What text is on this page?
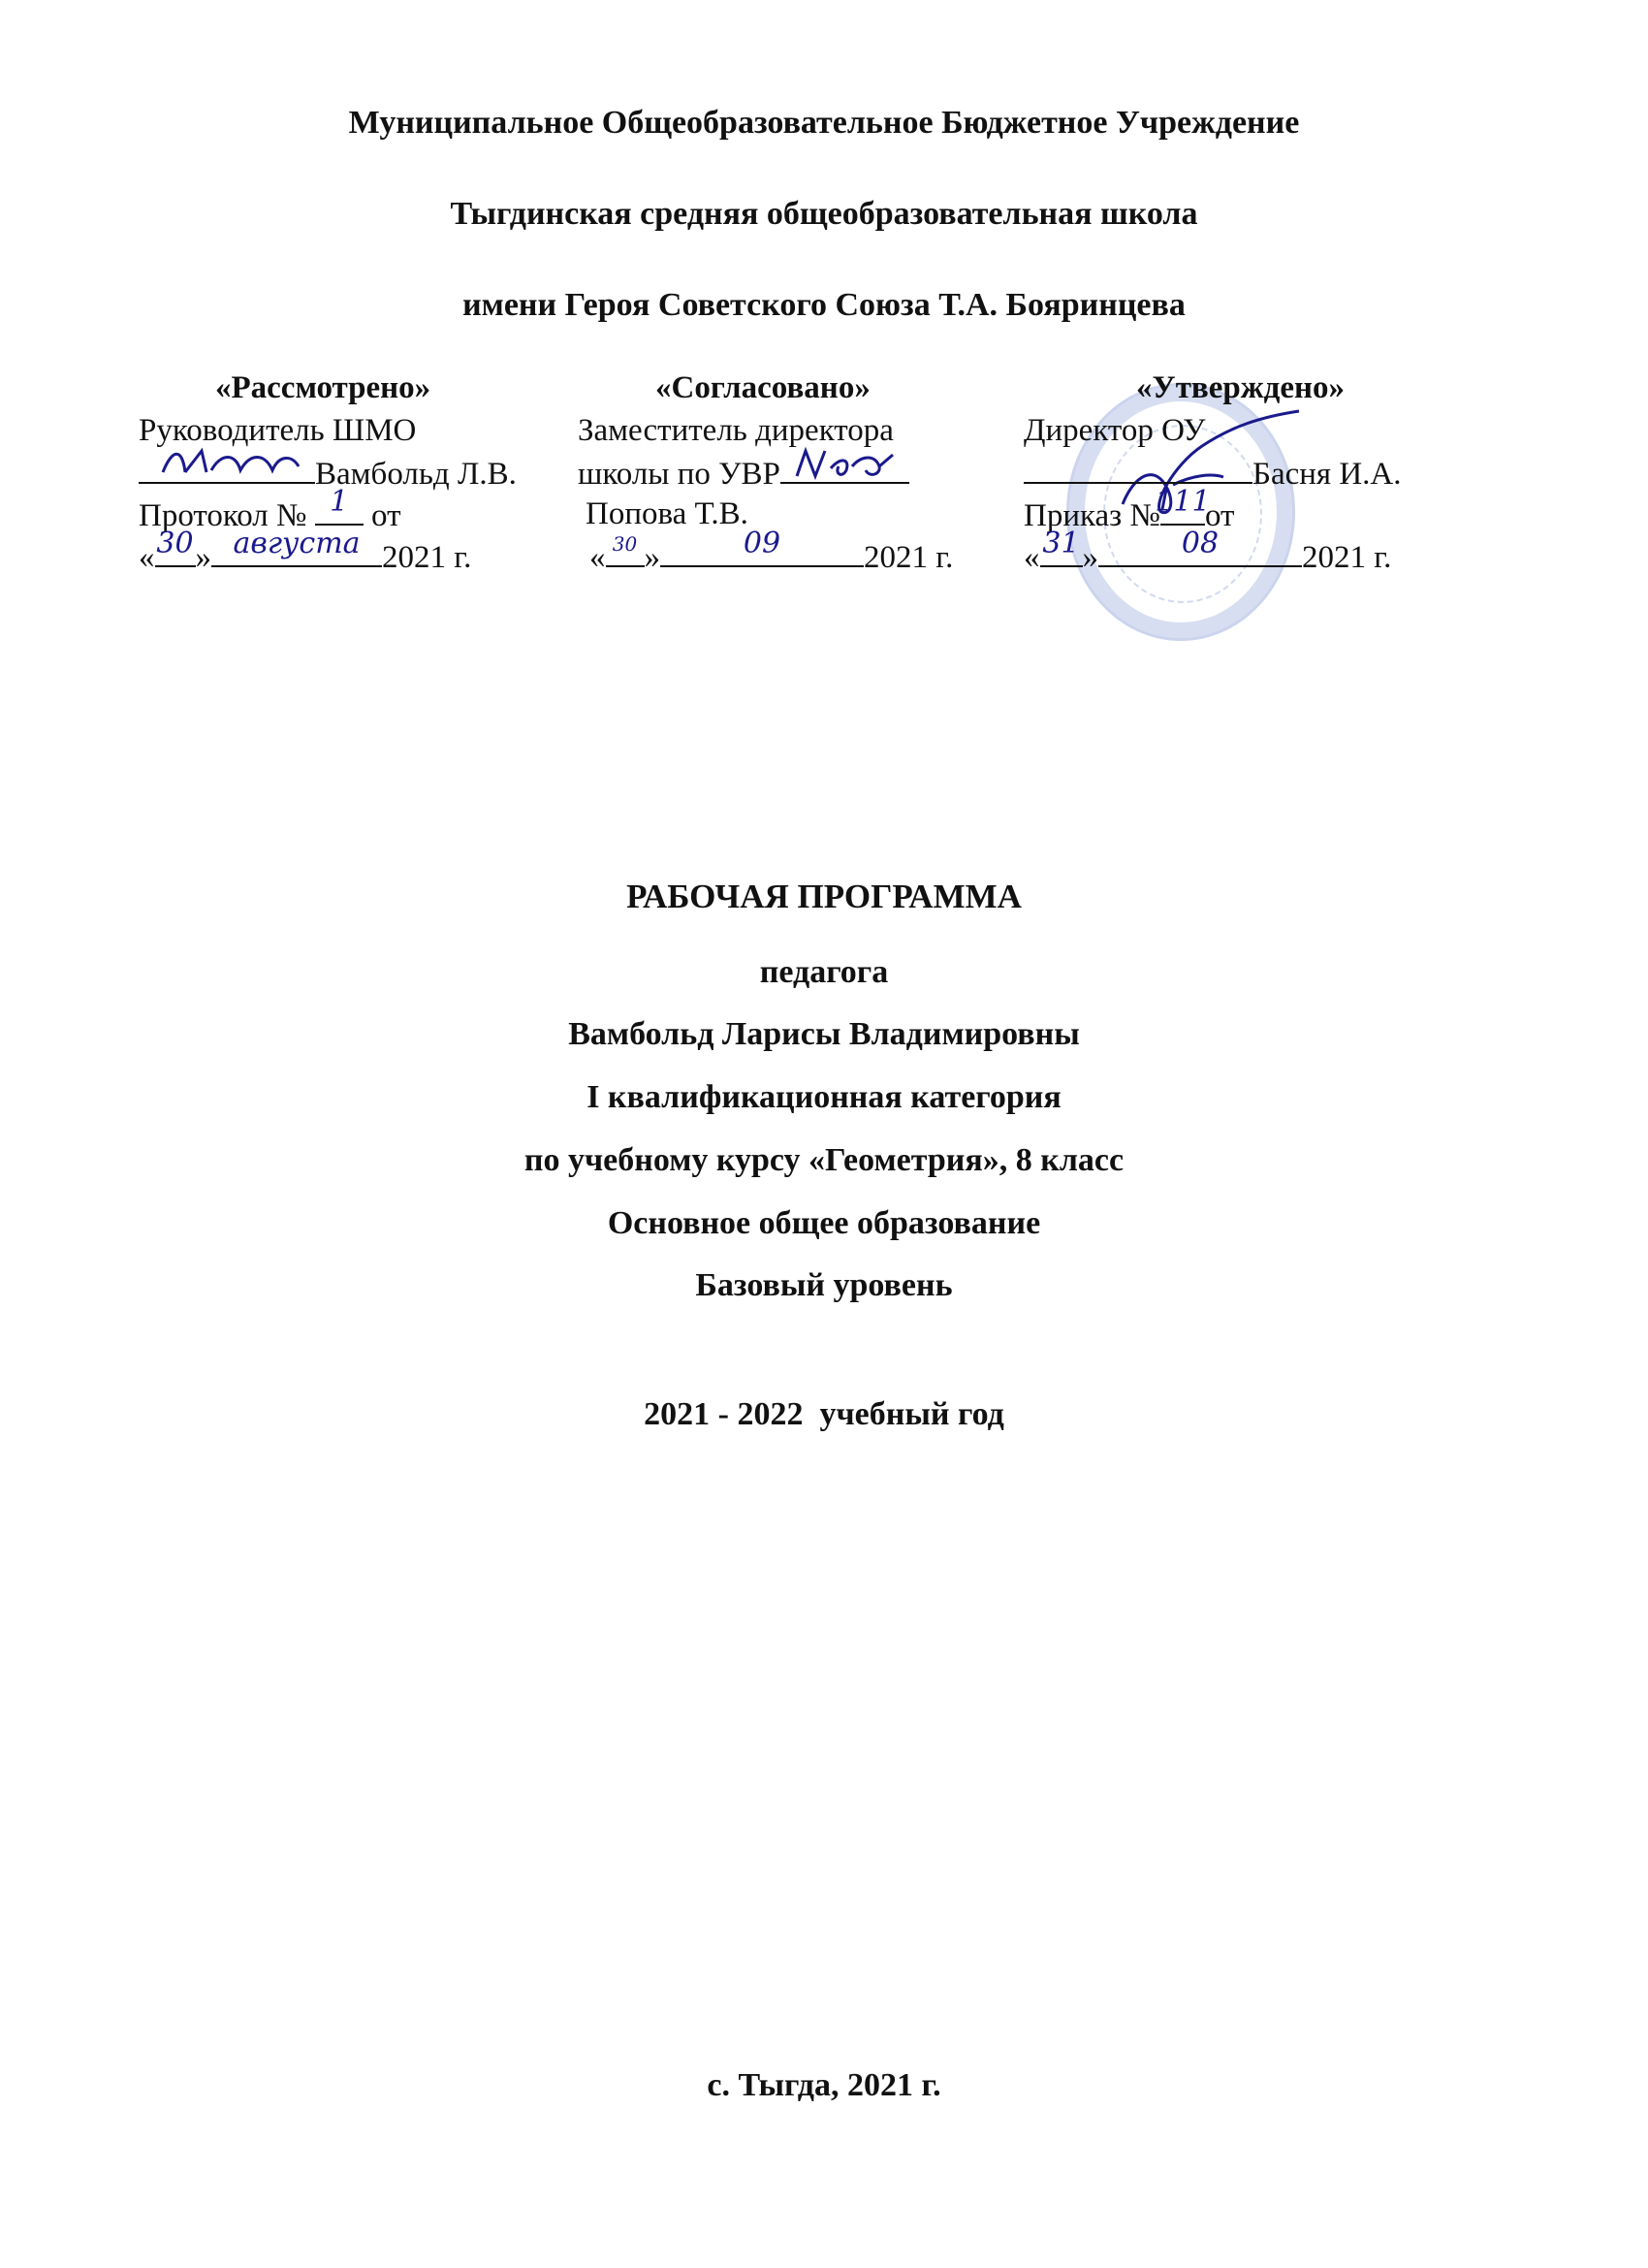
Муниципальное Общеобразовательное Бюджетное Учреждение
Тыгдинская средняя общеобразовательная школа
имени Героя Советского Союза Т.А. Бояринцева
«Рассмотрено»
Руководитель ШМО
Вамбольд Л.В.
Протокол № 1 от
« 30 » августа 2021 г.
«Согласовано»
Заместитель директора
школы по УВР
Попова Т.В.
« 30 »	09	2021 г.
«Утверждено»
Директор ОУ
Басня И.А.
Приказ №
111
от
« 31 »	08	2021 г.
РАБОЧАЯ ПРОГРАММА
педагога
Вамбольд Ларисы Владимировны
I квалификационная категория
по учебному курсу «Геометрия», 8 класс
Основное общее образование
Базовый уровень
2021 - 2022  учебный год
с. Тыгда, 2021 г.
